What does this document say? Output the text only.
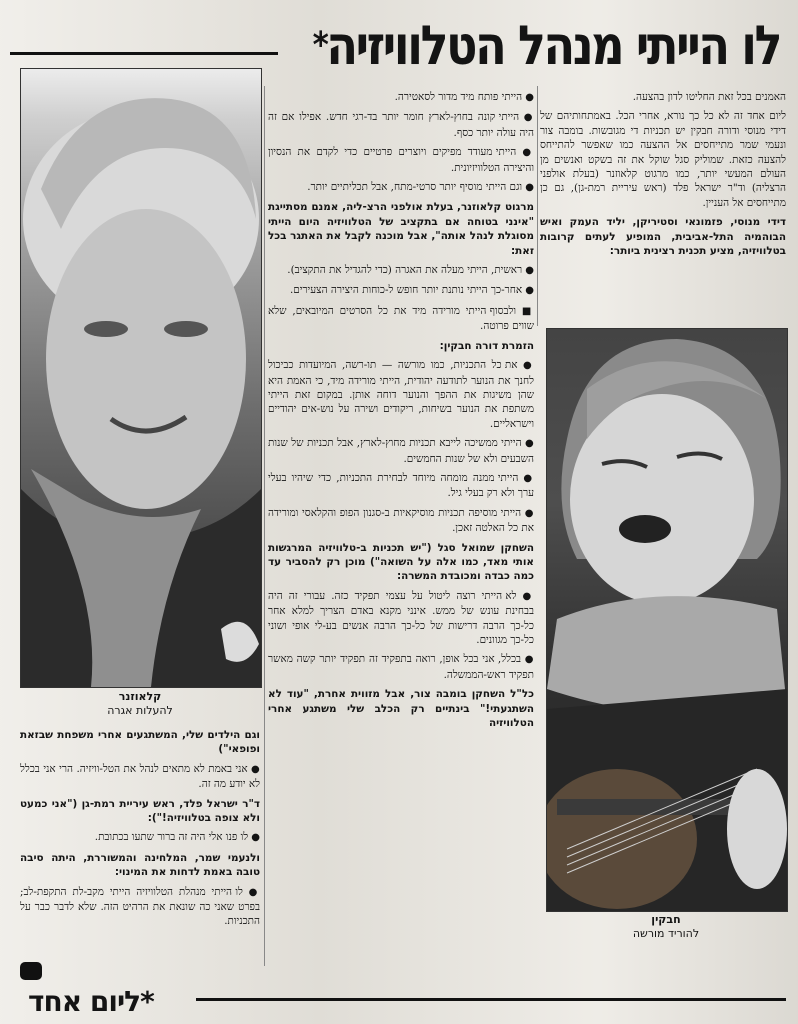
לו הייתי מנהל הטלוויזיה*
קלאוזנר
להעלות אגרה
חבקין
להוריד מורשה

האמנים בכל זאת החליטו לדון בהצעה.

ליום אחד זה לא כל כך נורא, אחרי הכל. באמתחותיהם של דידי מנוסי ודורה חבקין יש תכניות די מגובשות. בומבה צור ונעמי שמר מתייחסים אל ההצעה כמו שאפשר להתייחס להצעה כזאת. שמוליק סגל שוקל את זה בשקט ואנשים מן העולם המעשי יותר, כמו מרגוט קלאוזנר (בעלת אולפני הרצליה) וד"ר ישראל פלד (ראש עיריית רמת-גן), גם כן מתייחסים אל העניין.

דידי מנוסי, פזמונאי וסטיריקן, יליד העמק ואיש הבוהמיה התל-אביבית, המופיע לעתים קרובות בטלוויזיה, מציע תכנית רצינית ביותר:

● הייתי פותח מיד מדור לסאטירה.

● הייתי קונה בחוץ-לארץ חומר יותר בד-רגי חדש. אפילו אם זה היה עולה יותר כסף.

● הייתי מעודד מפיקים ויוצרים פרטיים כדי לקדם את הנסיון והיצירה הטלוויזיונית.

● וגם הייתי מוסיף יותר סרטי-מתח, אבל תכליתיים יותר.

מרגוט קלאוזנר, בעלת אולפני הרצ-ליה, אמנם מסתייגת "אינני בטוחה אם בתקציב של הטלוויזיה היום הייתי מסוגלת לנהל אותה", אבל מוכנה לקבל את האתגר בכל זאת:

● ראשית, הייתי מעלה את האגרה (כדי להגדיל את התקציב).

● אחר-כך הייתי נותנת יותר חופש ל-כוחות היצירה הצעירים.

■ ולבסוף הייתי מורידה מיד את כל הסרטים המיובאים, שלא שווים פרוטה.

הזמרת דורה חבקין:

● את כל התכניות, כמו מורשה — תו-רשה, המיועדות כביכול לחנך את הנוער לתודעה יהודית, הייתי מורידה מיד, כי האמת היא שהן משיגות את ההפך והנוער דוחה אותן. במקום זאת הייתי משתפת את הנוער בשיחות, ריקודים ושירה על נוש-אים יהודיים וישראליים.

● הייתי ממשיכה לייבא תכניות מחוץ-לארץ, אבל תכניות של שנות השבעים ולא של שנות החמשים.

● הייתי ממנה מומחה מיוחד לבחירת התכניות, כדי שיהיו בעלי ערך ולא רק בעלי גיל.

● הייתי מוסיפה תכניות מוסיקאיות ב-סגנון הפופ והקלאסי ומורידה את כל האלטה זאכן.

השחקן שמואל סגל ("יש תכניות ב-טלוויזיה המרגשות אותי מאד, כמו אלה על השואה") מוכן רק להסביר עד כמה כבדה ומכובדת המשרה:

● לא הייתי רוצה ליטול על עצמי תפקיד כזה. עבורי זה היה בבחינת עונש של ממש. אינני מקנא באדם הצריך למלא אחר כל-כך הרבה דרישות של כל-כך הרבה אנשים בע-לי אופי ושוני כל-כך מגוונים.

● בכלל, אני בכל אופן, רואה בתפקיד זה תפקיד יותר קשה מאשר תפקיד ראש-הממשלה.

כל"ל השחקן בומבה צור, אבל מזווית אחרת, "עוד לא השתגעתי!" בינתיים רק הכלב שלי משתגע אחרי הטלוויזיה

וגם הילדים שלי, המשתגעים אחרי משפחת שבזאת ופופאי")

● אני באמת לא מתאים לנהל את הטל-וויזיה. הרי אני בכלל לא יודע מה זה.

ד"ר ישראל פלד, ראש עיריית רמת-גן ("אני כמעט ולא צופה בטלוויזיה!"):

● לו פנו אלי היה זה ברור שתעו בכתובת.

ולנעמי שמר, המלחינה והמשוררת, היתה סיבה טובה באמת לדחות את המינוי:

● לו הייתי מנהלת הטלוויזיה הייתי מקב-לת התקפת-לב; בפרט שאני כה שונאת את הרהיט הזה. שלא לדבר כבר על התכניות.

*ליום אחד
